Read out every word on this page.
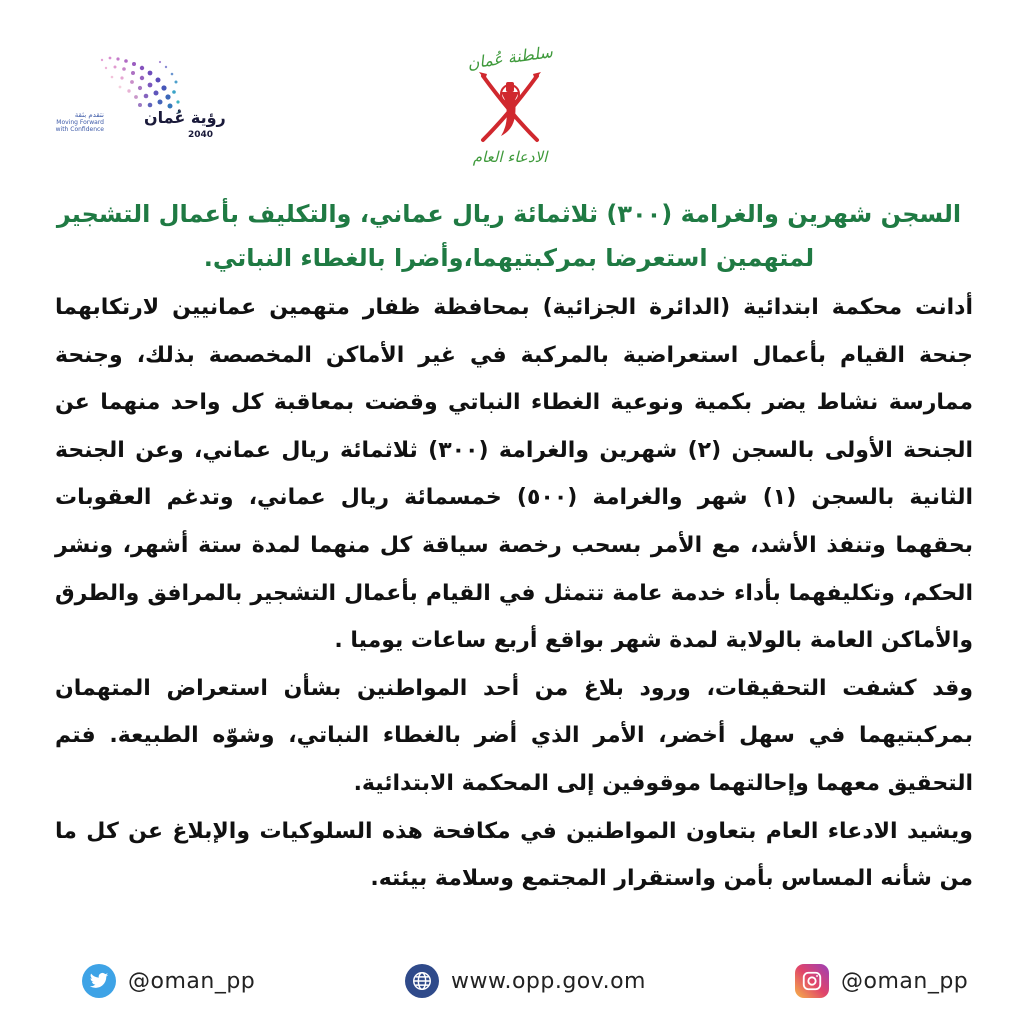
نتقدم بثقة
Moving Forward with Confidence
رؤية عُمان
2040
سلطنة عُمان
الادعاء العام
السجن شهرين والغرامة (٣٠٠) ثلاثمائة ريال عماني، والتكليف بأعمال التشجير
لمتهمين استعرضا بمركبتيهما،وأضرا بالغطاء النباتي.

أدانت محكمة ابتدائية (الدائرة الجزائية) بمحافظة ظفار متهمين عمانيين لارتكابهما جنحة القيام بأعمال استعراضية بالمركبة في غير الأماكن المخصصة بذلك، وجنحة ممارسة نشاط يضر بكمية ونوعية الغطاء النباتي وقضت بمعاقبة كل واحد منهما عن الجنحة الأولى بالسجن (٢) شهرين والغرامة (٣٠٠) ثلاثمائة ريال عماني، وعن الجنحة الثانية بالسجن (١) شهر والغرامة (٥٠٠) خمسمائة ريال عماني، وتدغم العقوبات بحقهما وتنفذ الأشد، مع الأمر بسحب رخصة سياقة كل منهما لمدة ستة أشهر، ونشر الحكم، وتكليفهما بأداء خدمة عامة تتمثل في القيام بأعمال التشجير بالمرافق والطرق والأماكن العامة بالولاية لمدة شهر بواقع أربع ساعات يوميا .

وقد كشفت التحقيقات، ورود بلاغ من أحد المواطنين بشأن استعراض المتهمان بمركبتيهما في سهل أخضر، الأمر الذي أضر بالغطاء النباتي، وشوّه الطبيعة. فتم التحقيق معهما وإحالتهما موقوفين إلى المحكمة الابتدائية.

ويشيد الادعاء العام بتعاون المواطنين في مكافحة هذه السلوكيات والإبلاغ عن كل ما من شأنه المساس بأمن واستقرار المجتمع وسلامة بيئته.

@oman_pp	www.opp.gov.om	@oman_pp
